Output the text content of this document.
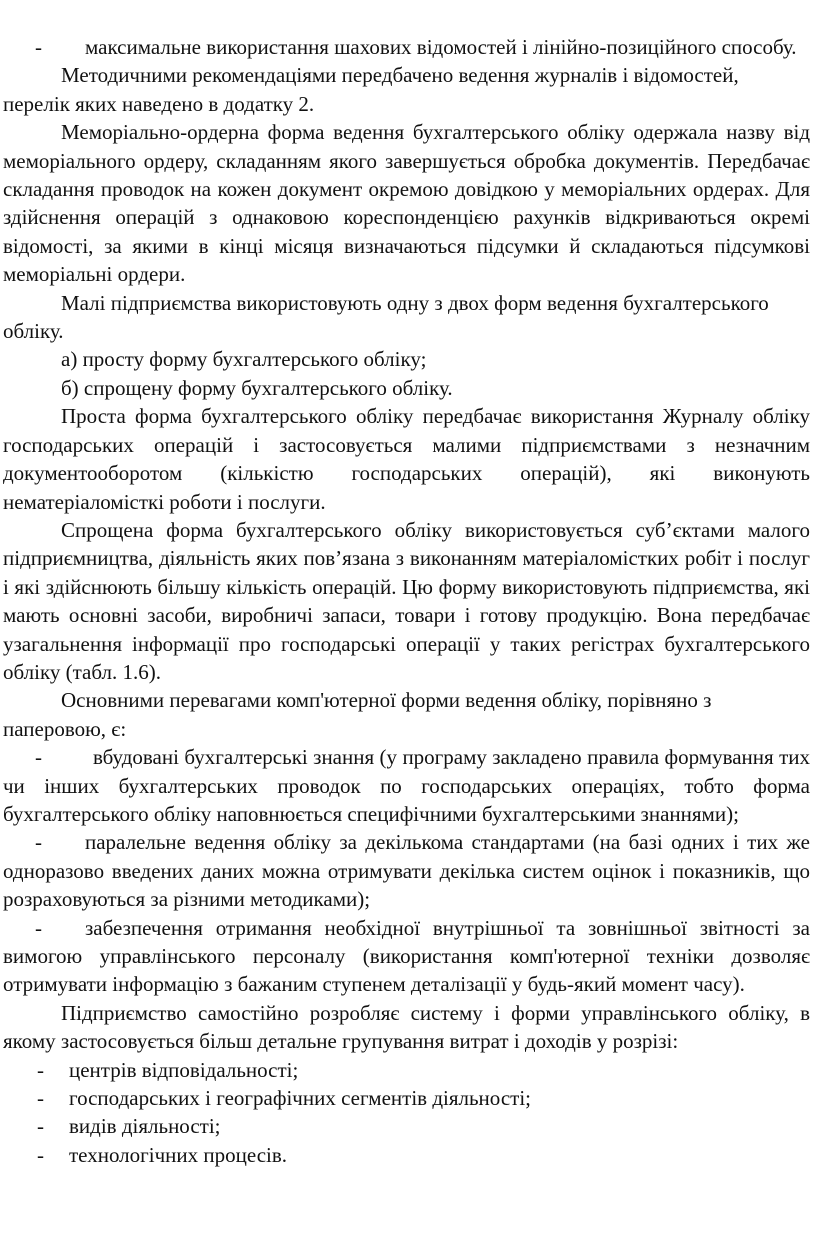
- максимальне використання шахових відомостей і лінійно-позиційного способу.

Методичними рекомендаціями передбачено ведення журналів і відомостей, перелік яких наведено в додатку 2.

Меморіально-ордерна форма ведення бухгалтерського обліку одержала назву від меморіального ордеру, складанням якого завершується обробка документів. Передбачає складання проводок на кожен документ окремою довідкою у меморіальних ордерах. Для здійснення операцій з однаковою кореспонденцією рахунків відкриваються окремі відомості, за якими в кінці місяця визначаються підсумки й складаються підсумкові меморіальні ордери.

Малі підприємства використовують одну з двох форм ведення бухгалтерського обліку.

а) просту форму бухгалтерського обліку;

б) спрощену форму бухгалтерського обліку.

Проста форма бухгалтерського обліку передбачає використання Журналу обліку господарських операцій і застосовується малими підприємствами з незначним документооборотом (кількістю господарських операцій), які виконують нематеріаломісткі роботи і послуги.

Спрощена форма бухгалтерського обліку використовується суб’єктами малого підприємництва, діяльність яких пов’язана з виконанням матеріаломістких робіт і послуг і які здійснюють більшу кількість операцій. Цю форму використовують підприємства, які мають основні засоби, виробничі запаси, товари і готову продукцію. Вона передбачає узагальнення інформації про господарські операції у таких регістрах бухгалтерського обліку (табл. 1.6).

Основними перевагами комп'ютерної форми ведення обліку, порівняно з паперовою, є:

- вбудовані бухгалтерські знання (у програму закладено правила формування тих чи інших бухгалтерських проводок по господарських операціях, тобто форма бухгалтерського обліку наповнюється специфічними бухгалтерськими знаннями);

- паралельне ведення обліку за декількома стандартами (на базі одних і тих же одноразово введених даних можна отримувати декілька систем оцінок і показників, що розраховуються за різними методиками);

- забезпечення отримання необхідної внутрішньої та зовнішньої звітності за вимогою управлінського персоналу (використання комп'ютерної техніки дозволяє отримувати інформацію з бажаним ступенем деталізації у будь-який момент часу).

Підприємство самостійно розробляє систему і форми управлінського обліку, в якому застосовується більш детальне групування витрат і доходів у розрізі:

-	центрів відповідальності;
-	господарських і географічних сегментів діяльності;
-	видів діяльності;
-	технологічних процесів.
